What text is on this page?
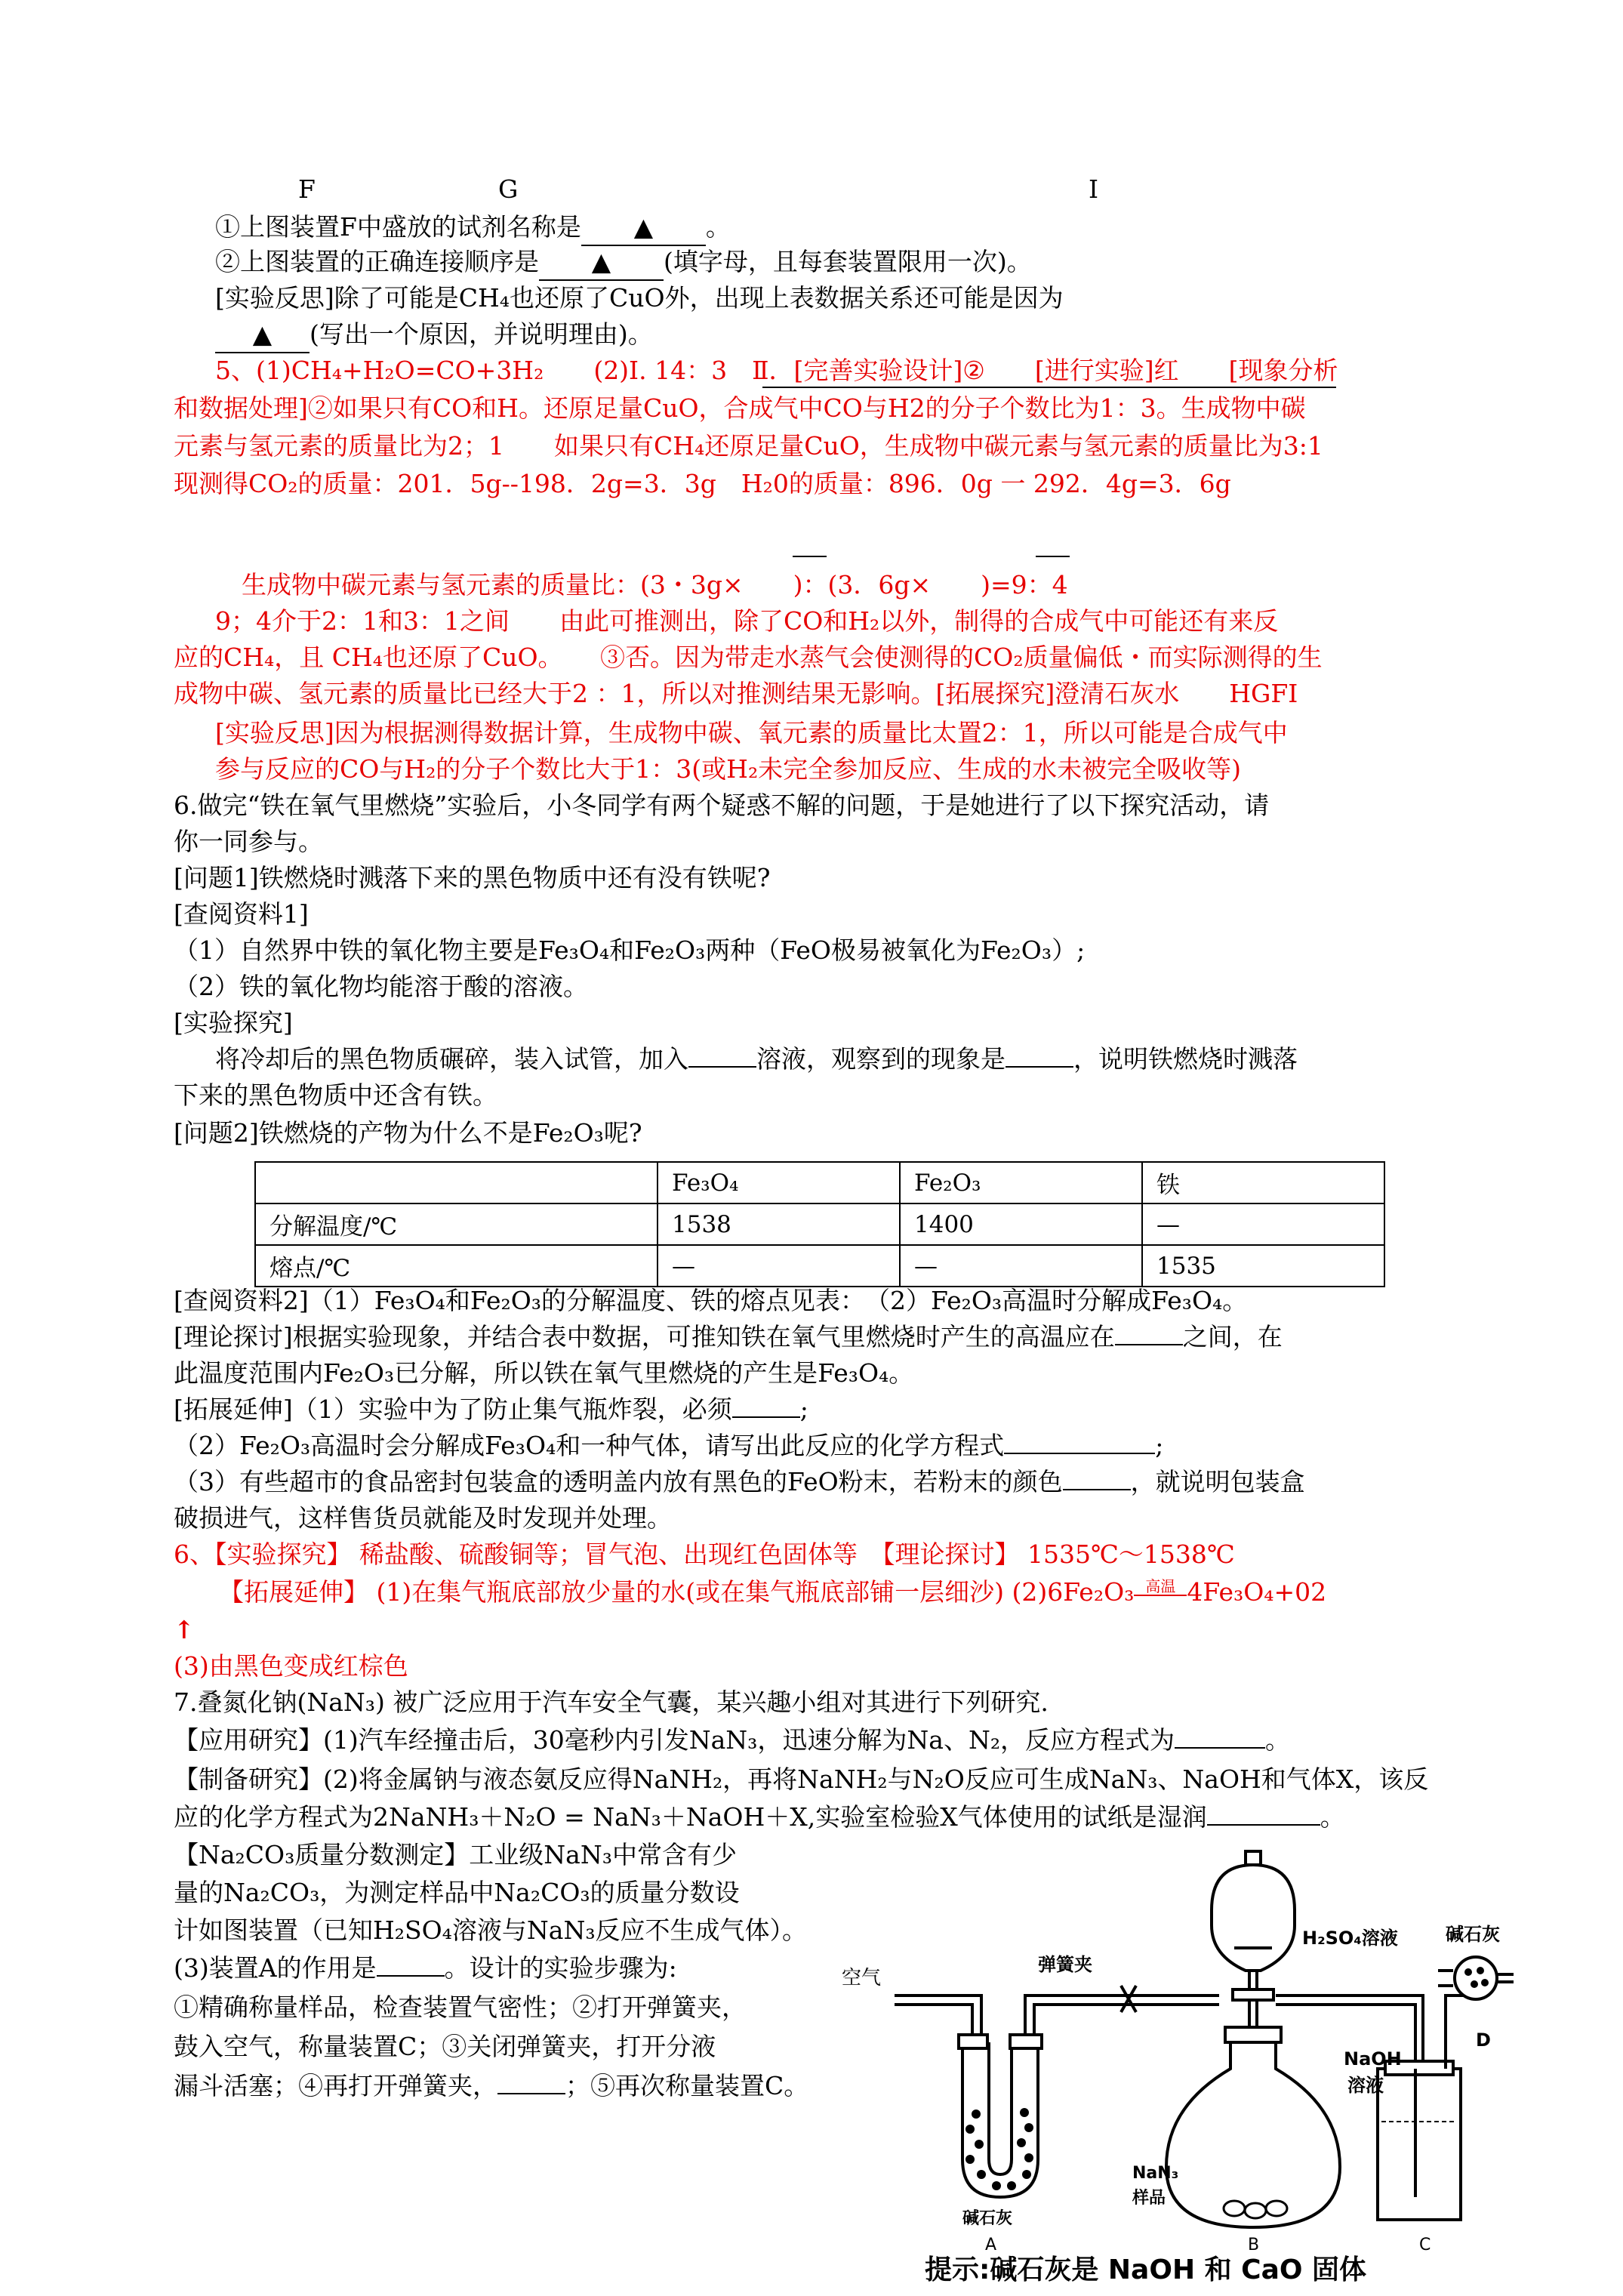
F	G	I
①上图装置F中盛放的试剂名称是 ▲ 。
②上图装置的正确连接顺序是 ▲ (填字母，且每套装置限用一次)。
[实验反思]除了可能是CH₄也还原了CuO外，出现上表数据关系还可能是因为
▲ (写出一个原因，并说明理由)。
5、(1)CH₄+H₂O=CO+3H₂　　(2)Ⅰ. 14：3　Ⅱ．[完善实验设计]②　　[进行实验]红　　[现象分析
和数据处理]②如果只有CO和H。还原足量CuO，合成气中CO与H2的分子个数比为1：3。生成物中碳
元素与氢元素的质量比为2；1　　如果只有CH₄还原足量CuO，生成物中碳元素与氢元素的质量比为3:1
现测得CO₂的质量：201．5g--198．2g=3．3g　H₂0的质量：896．0g 一 292．4g=3．6g
生成物中碳元素与氢元素的质量比：(3・3g×　　)：(3．6g×　　)=9：4
9；4介于2：1和3：1之间　　由此可推测出，除了CO和H₂以外，制得的合成气中可能还有来反
应的CH₄，且 CH₄也还原了CuO。　　③否。因为带走水蒸气会使测得的CO₂质量偏低・而实际测得的生
成物中碳、氢元素的质量比已经大于2 ：1，所以对推测结果无影响。[拓展探究]澄清石灰水　　HGFI
[实验反思]因为根据测得数据计算，生成物中碳、氧元素的质量比太置2：1，所以可能是合成气中
参与反应的CO与H₂的分子个数比大于1：3(或H₂未完全参加反应、生成的水未被完全吸收等)
6.做完“铁在氧气里燃烧”实验后，小冬同学有两个疑惑不解的问题，于是她进行了以下探究活动，请
你一同参与。
[问题1]铁燃烧时溅落下来的黑色物质中还有没有铁呢?
[查阅资料1]
（1）自然界中铁的氧化物主要是Fe₃O₄和Fe₂O₃两种（FeO极易被氧化为Fe₂O₃）;
（2）铁的氧化物均能溶于酸的溶液。
[实验探究]
将冷却后的黑色物质碾碎，装入试管，加入	溶液，观察到的现象是	，说明铁燃烧时溅落
下来的黑色物质中还含有铁。
[问题2]铁燃烧的产物为什么不是Fe₂O₃呢?
	Fe₃O₄	Fe₂O₃	铁
分解温度/℃	1538	1400	—
熔点/℃	—	—	1535
[查阅资料2]（1）Fe₃O₄和Fe₂O₃的分解温度、铁的熔点见表：　（2）Fe₂O₃高温时分解成Fe₃O₄。
[理论探讨]根据实验现象，并结合表中数据，可推知铁在氧气里燃烧时产生的高温应在	之间，在
此温度范围内Fe₂O₃已分解，所以铁在氧气里燃烧的产生是Fe₃O₄。
[拓展延伸]（1）实验中为了防止集气瓶炸裂，必须	;
（2）Fe₂O₃高温时会分解成Fe₃O₄和一种气体，请写出此反应的化学方程式	;
（3）有些超市的食品密封包装盒的透明盖内放有黑色的FeO粉末，若粉末的颜色	，就说明包装盒
破损进气，这样售货员就能及时发现并处理。
6、【实验探究】 稀盐酸、硫酸铜等；冒气泡、出现红色固体等　【理论探讨】 1535℃～1538℃
【拓展延伸】 (1)在集气瓶底部放少量的水(或在集气瓶底部铺一层细沙) (2)6Fe₂O₃ 高温 4Fe₃O₄+02
↑
(3)由黑色变成红棕色
7.叠氮化钠(NaN₃) 被广泛应用于汽车安全气囊，某兴趣小组对其进行下列研究.
【应用研究】(1)汽车经撞击后，30毫秒内引发NaN₃，迅速分解为Na、N₂，反应方程式为	。
【制备研究】(2)将金属钠与液态氨反应得NaNH₂，再将NaNH₂与N₂O反应可生成NaN₃、NaOH和气体X，该反
应的化学方程式为2NaNH₃＋N₂O = NaN₃＋NaOH＋X,实验室检验X气体使用的试纸是湿润	。
【Na₂CO₃质量分数测定】工业级NaN₃中常含有少
量的Na₂CO₃，为测定样品中Na₂CO₃的质量分数设
计如图装置（已知H₂SO₄溶液与NaN₃反应不生成气体）。
(3)装置A的作用是	。设计的实验步骤为:
①精确称量样品，检查装置气密性；②打开弹簧夹，
鼓入空气，称量装置C；③关闭弹簧夹，打开分液
漏斗活塞；④再打开弹簧夹，	；⑤再次称量装置C。
空气
弹簧夹
H₂SO₄溶液	碱石灰
NaOH
溶液
D
NaN₃
样品
碱石灰
A	B	C
提示:碱石灰是 NaOH 和 CaO 固体
